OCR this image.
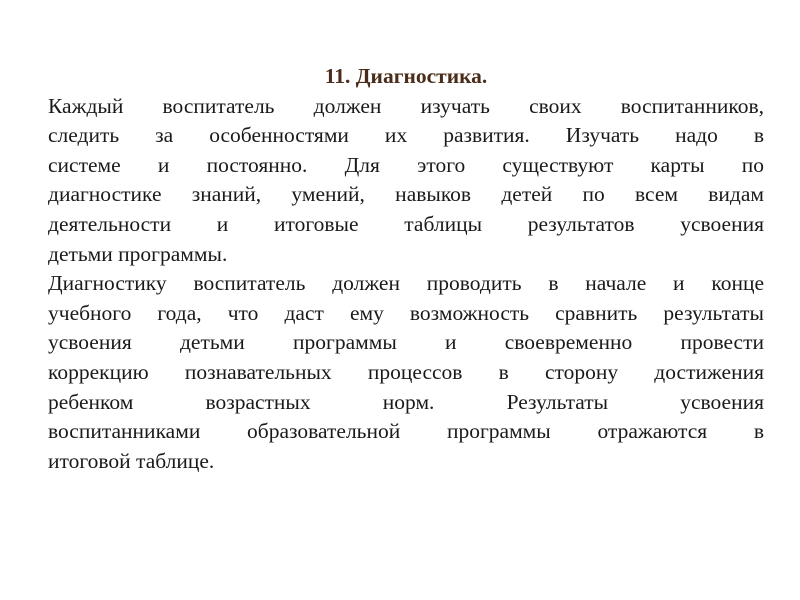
11. Диагностика.

Каждый воспитатель должен изучать своих воспитанников,
следить за особенностями их развития. Изучать надо в
системе и постоянно. Для этого существуют карты по
диагностике знаний, умений, навыков детей по всем видам
деятельности и итоговые таблицы результатов усвоения
детьми программы.

Диагностику воспитатель должен проводить в начале и конце
учебного года, что даст ему возможность сравнить результаты
усвоения детьми программы и своевременно провести
коррекцию познавательных процессов в сторону достижения
ребенком возрастных норм. Результаты усвоения
воспитанниками образовательной программы отражаются в
итоговой таблице.
